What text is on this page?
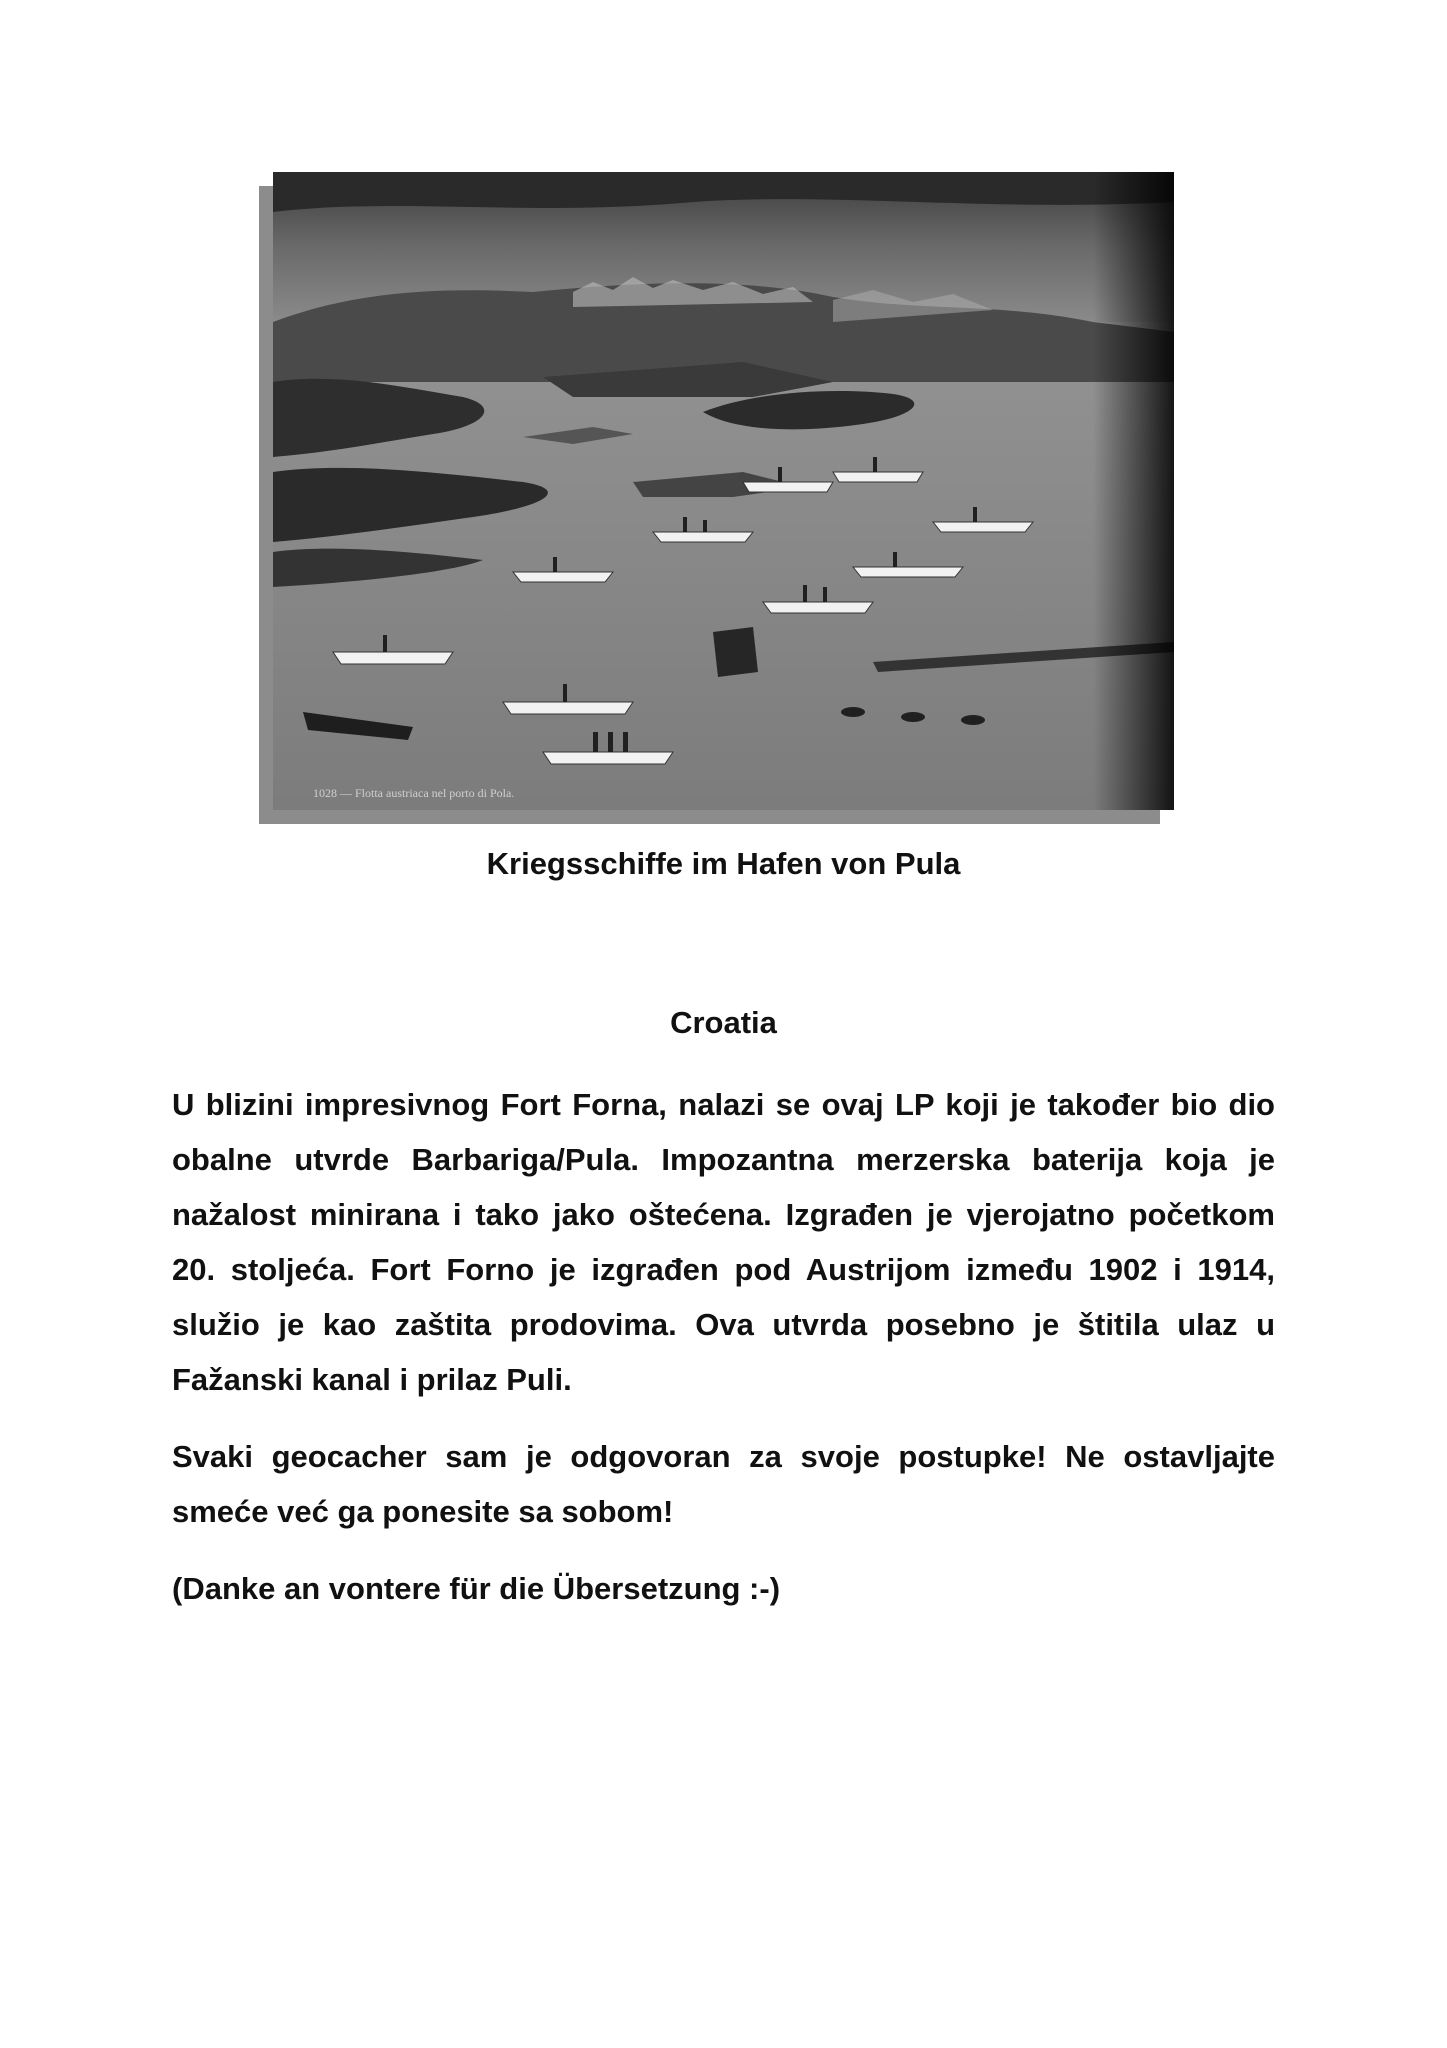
1028 — Flotta austriaca nel porto di Pola.
Kriegsschiffe im Hafen von Pula
Croatia

U blizini impresivnog Fort Forna, nalazi se ovaj LP koji je također bio dio obalne utvrde Barbariga/Pula. Impozantna merzerska baterija koja je nažalost minirana i tako jako oštećena. Izgrađen je vjerojatno početkom 20. stoljeća. Fort Forno je izgrađen pod Austrijom između 1902 i 1914, služio je kao zaštita prodovima. Ova utvrda posebno je štitila ulaz u Fažanski kanal i prilaz Puli.

Svaki geocacher sam je odgovoran za svoje postupke! Ne ostavljajte smeće već ga ponesite sa sobom!

(Danke an vontere für die Übersetzung :-)
